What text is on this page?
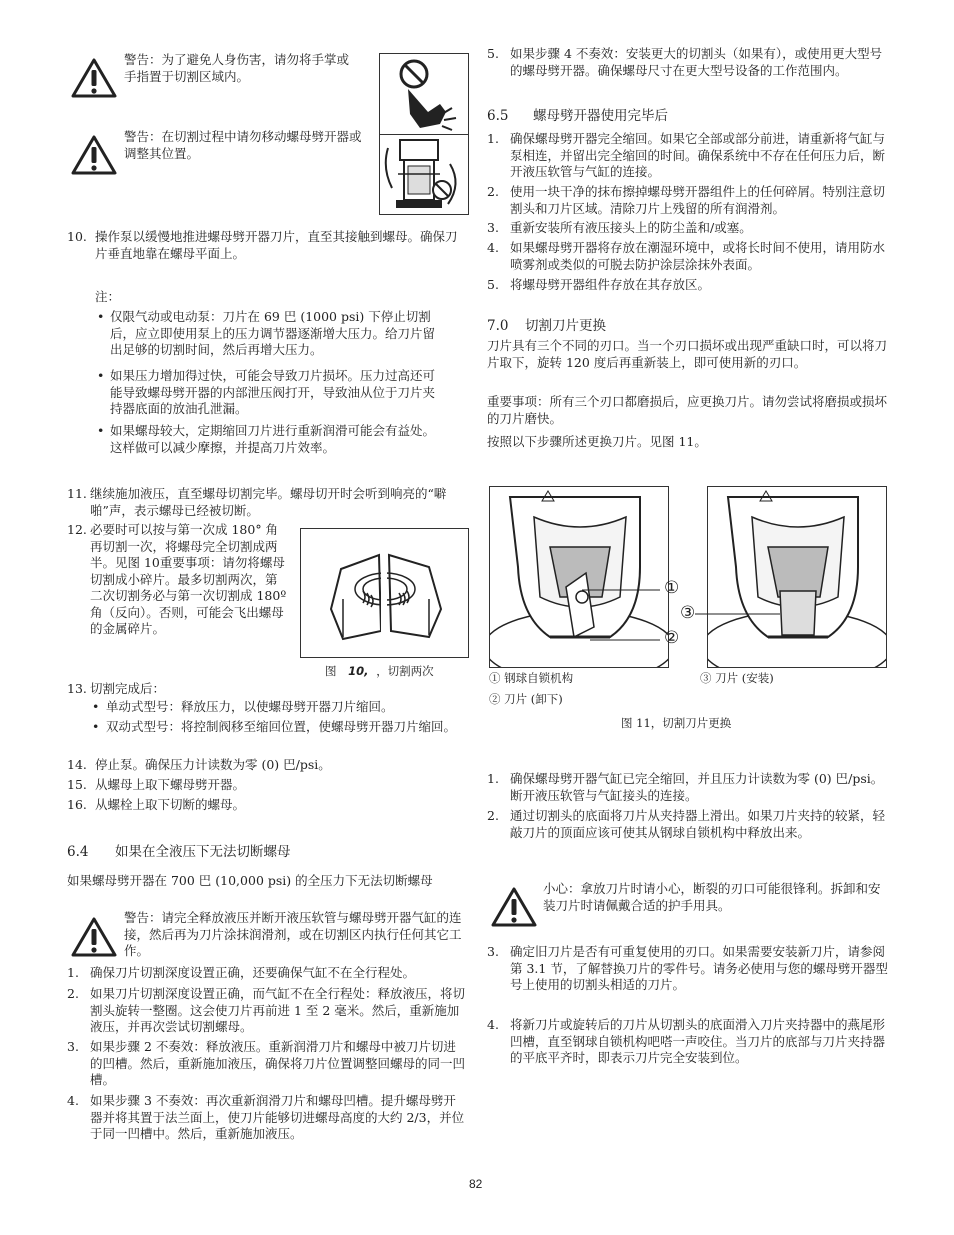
警告：为了避免人身伤害，请勿将手掌或手指置于切割区域内。
警告：在切割过程中请勿移动螺母劈开器或调整其位置。
10. 操作泵以缓慢地推进螺母劈开器刀片，直至其接触到螺母。确保刀片垂直地靠在螺母平面上。
注：
• 仅限气动或电动泵：刀片在 69 巴 (1000 psi) 下停止切割后，应立即使用泵上的压力调节器逐渐增大压力。给刀片留出足够的切割时间，然后再增大压力。
• 如果压力增加得过快，可能会导致刀片损坏。压力过高还可能导致螺母劈开器的内部泄压阀打开，导致油从位于刀片夹持器底面的放油孔泄漏。
• 如果螺母较大，定期缩回刀片进行重新润滑可能会有益处。这样做可以减少摩擦，并提高刀片效率。
11. 继续施加液压，直至螺母切割完毕。螺母切开时会听到响亮的“噼啪”声，表示螺母已经被切断。
12. 必要时可以按与第一次成 180° 角再切割一次，将螺母完全切割成两半。见图 10重要事项：请勿将螺母切割成小碎片。最多切割两次，第二次切割务必与第一次切割成 180º 角（反向）。否则，可能会飞出螺母的金属碎片。
图 10, ，切割两次
13. 切割完成后：
• 单动式型号：释放压力，以使螺母劈开器刀片缩回。
• 双动式型号：将控制阀移至缩回位置，使螺母劈开器刀片缩回。
14. 停止泵。确保压力计读数为零 (0) 巴/psi。
15. 从螺母上取下螺母劈开器。
16. 从螺栓上取下切断的螺母。
6.4 如果在全液压下无法切断螺母
如果螺母劈开器在 700 巴 (10,000 psi) 的全压力下无法切断螺母
警告：请完全释放液压并断开液压软管与螺母劈开器气缸的连接，然后再为刀片涂抹润滑剂，或在切割区内执行任何其它工作。
1. 确保刀片切割深度设置正确，还要确保气缸不在全行程处。
2. 如果刀片切割深度设置正确，而气缸不在全行程处：释放液压，将切割头旋转一整圈。这会使刀片再前进 1 至 2 毫米。然后，重新施加液压，并再次尝试切割螺母。
3. 如果步骤 2 不奏效：释放液压。重新润滑刀片和螺母中被刀片切进的凹槽。然后，重新施加液压，确保将刀片位置调整回螺母的同一凹槽。
4. 如果步骤 3 不奏效：再次重新润滑刀片和螺母凹槽。提升螺母劈开器并将其置于法兰面上，使刀片能够切进螺母高度的大约 2/3，并位于同一凹槽中。然后，重新施加液压。
5. 如果步骤 4 不奏效：安装更大的切割头（如果有），或使用更大型号的螺母劈开器。确保螺母尺寸在更大型号设备的工作范围内。
6.5 螺母劈开器使用完毕后
1. 确保螺母劈开器完全缩回。如果它全部或部分前进，请重新将气缸与泵相连，并留出完全缩回的时间。确保系统中不存在任何压力后，断开液压软管与气缸的连接。
2. 使用一块干净的抹布擦掉螺母劈开器组件上的任何碎屑。特别注意切割头和刀片区域。清除刀片上残留的所有润滑剂。
3. 重新安装所有液压接头上的防尘盖和/或塞。
4. 如果螺母劈开器将存放在潮湿环境中，或将长时间不使用，请用防水喷雾剂或类似的可脱去防护涂层涂抹外表面。
5. 将螺母劈开器组件存放在其存放区。
7.0 切割刀片更换
刀片具有三个不同的刃口。当一个刃口损坏或出现严重缺口时，可以将刀片取下，旋转 120 度后再重新装上，即可使用新的刃口。
重要事项：所有三个刃口都磨损后，应更换刀片。请勿尝试将磨损或损坏的刀片磨快。
按照以下步骤所述更换刀片。见图 11。
①
③
②
① 钢球自锁机构
② 刀片 (卸下)
③ 刀片 (安装)
图 11，切割刀片更换
1. 确保螺母劈开器气缸已完全缩回，并且压力计读数为零 (0) 巴/psi。断开液压软管与气缸接头的连接。
2. 通过切割头的底面将刀片从夹持器上滑出。如果刀片夹持的较紧，轻敲刀片的顶面应该可使其从钢球自锁机构中释放出来。
小心：拿放刀片时请小心，断裂的刃口可能很锋利。拆卸和安装刀片时请佩戴合适的护手用具。
3. 确定旧刀片是否有可重复使用的刃口。如果需要安装新刀片，请参阅第 3.1 节，了解替换刀片的零件号。请务必使用与您的螺母劈开器型号上使用的切割头相适的刀片。
4. 将新刀片或旋转后的刀片从切割头的底面滑入刀片夹持器中的燕尾形凹槽，直至钢球自锁机构吧嗒一声咬住。当刀片的底部与刀片夹持器的平底平齐时，即表示刀片完全安装到位。
82
